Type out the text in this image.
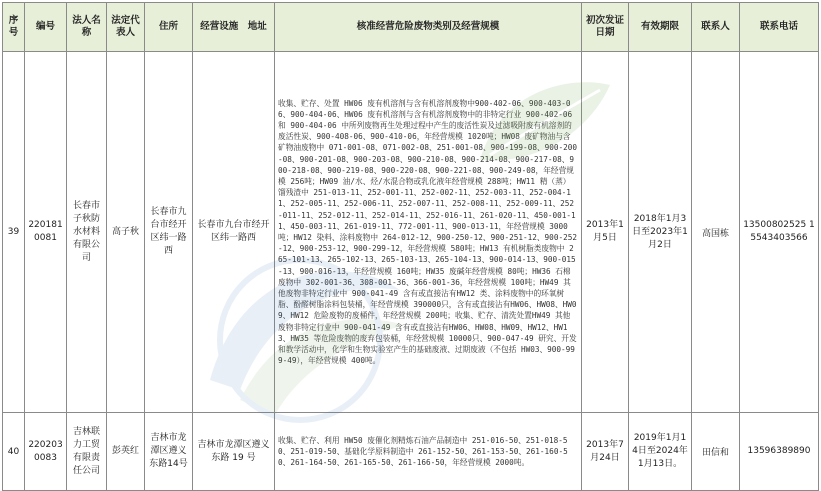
序号	编号	法人名称	法定代表人	住所	经营设施　地址	核准经营危险废物类别及经营规模	初次发证日期	有效期限	联系人	联系电话
39	2201810081	长春市子秋防水材料有限公司	高子秋	长春市九台市经开区纬一路西	长春市九台市经开区纬一路西	收集、贮存、处置 HW06 废有机溶剂与含有机溶剂废物中900-402-06、900-403-06、900-404-06、HW06 废有机溶剂与含有机溶剂废物中的非特定行业 900-402-06 和 900-404-06 中所列废物再生处理过程中产生的废活性炭及过滤吸附废有机溶剂的废活性炭、900-408-06、900-410-06，年经营规模 1020吨；HW08 废矿物油与含矿物油废物中 071-001-08、071-002-08、251-001-08、900-199-08、900-200-08、900-201-08、900-203-08、900-210-08、900-214-08、900-217-08、900-218-08、900-219-08、900-220-08、900-221-08、900-249-08，年经营规模 256吨；HW09 油/水、烃/水混合物或乳化液年经营规模 288吨；HW11 精（蒸）馏残渣中 251-013-11、252-001-11、252-002-11、252-003-11、252-004-11、252-005-11、252-006-11、252-007-11、252-008-11、252-009-11、252-011-11、252-012-11、252-014-11、252-016-11、261-020-11、450-001-11、450-003-11、261-019-11、772-001-11、900-013-11，年经营规模 3000吨；HW12 染料、涂料废物中 264-012-12、900-250-12、900-251-12、900-252-12、900-253-12、900-299-12，年经营规模 580吨；HW13 有机树脂类废物中 265-101-13、265-102-13、265-103-13、265-104-13、900-014-13、900-015-13、900-016-13，年经营规模 160吨；HW35 废碱年经营规模 80吨；HW36 石棉废物中 302-001-36、308-001-36、366-001-36，年经营规模 100吨；HW49 其他废物非特定行业中 900-041-49 含有或直接沾有HW12 类、涂料废物中的环氧树脂、酚醛树脂涂料包装桶，年经营规模 390000只，含有或直接沾有HW06、HW08、HW09、HW12 危险废物的废桶件，年经营规模 200吨；收集、贮存、清洗处置HW49 其他废物非特定行业中 900-041-49 含有或直接沾有HW06、HW08、HW09、HW12、HW13、HW35 等危险废物的废弃包装桶，年经营规模 10000只、900-047-49 研究、开发和教学活动中，化学和生物实验室产生的基础废液、过期废液（不包括 HW03、900-999-49），年经营规模 400吨。	2013年1月5日	2018年1月3日至2023年1月2日	高国栋	13500802525 15543403566
40	2202030083	吉林联力工贸有限责任公司	彭英红	吉林市龙潭区遵义东路14号	吉林市龙潭区遵义东路 19 号	收集、贮存、利用 HW50 废催化剂精炼石油产品制造中 251-016-50、251-018-50、251-019-50、基础化学原料制造中 261-152-50、261-153-50、261-160-50、261-164-50、261-165-50、261-166-50，年经营规模 2000吨。	2013年7月24日	2019年1月14日至2024年1月13日。	田信和	13596389890
